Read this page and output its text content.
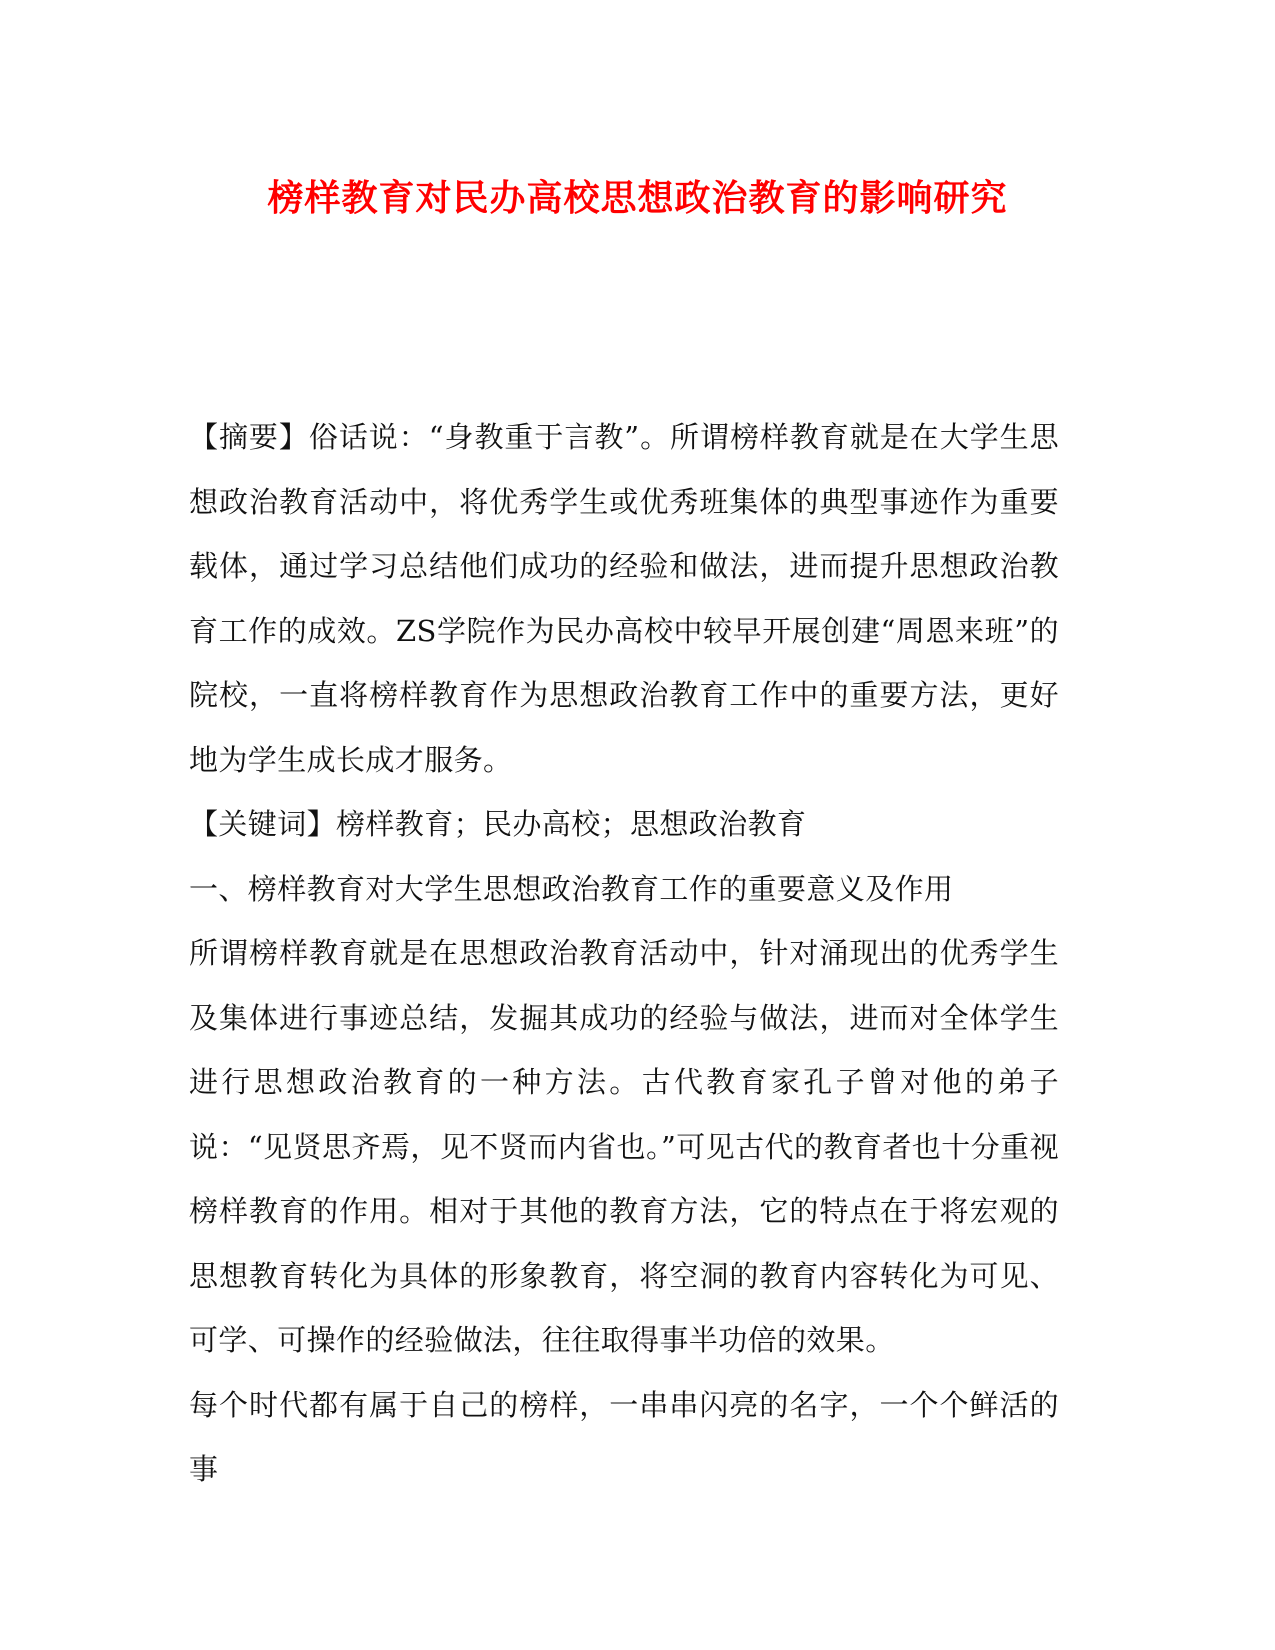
榜样教育对民办高校思想政治教育的影响研究

【摘要】俗话说：“身教重于言教”。所谓榜样教育就是在大学生思想政治教育活动中，将优秀学生或优秀班集体的典型事迹作为重要载体，通过学习总结他们成功的经验和做法，进而提升思想政治教育工作的成效。ZS学院作为民办高校中较早开展创建“周恩来班”的院校，一直将榜样教育作为思想政治教育工作中的重要方法，更好地为学生成长成才服务。

【关键词】榜样教育；民办高校；思想政治教育

一、榜样教育对大学生思想政治教育工作的重要意义及作用

所谓榜样教育就是在思想政治教育活动中，针对涌现出的优秀学生及集体进行事迹总结，发掘其成功的经验与做法，进而对全体学生进行思想政治教育的一种方法。古代教育家孔子曾对他的弟子说：“见贤思齐焉，见不贤而内省也。”可见古代的教育者也十分重视榜样教育的作用。相对于其他的教育方法，它的特点在于将宏观的思想教育转化为具体的形象教育，将空洞的教育内容转化为可见、可学、可操作的经验做法，往往取得事半功倍的效果。

每个时代都有属于自己的榜样，一串串闪亮的名字，一个个鲜活的事
